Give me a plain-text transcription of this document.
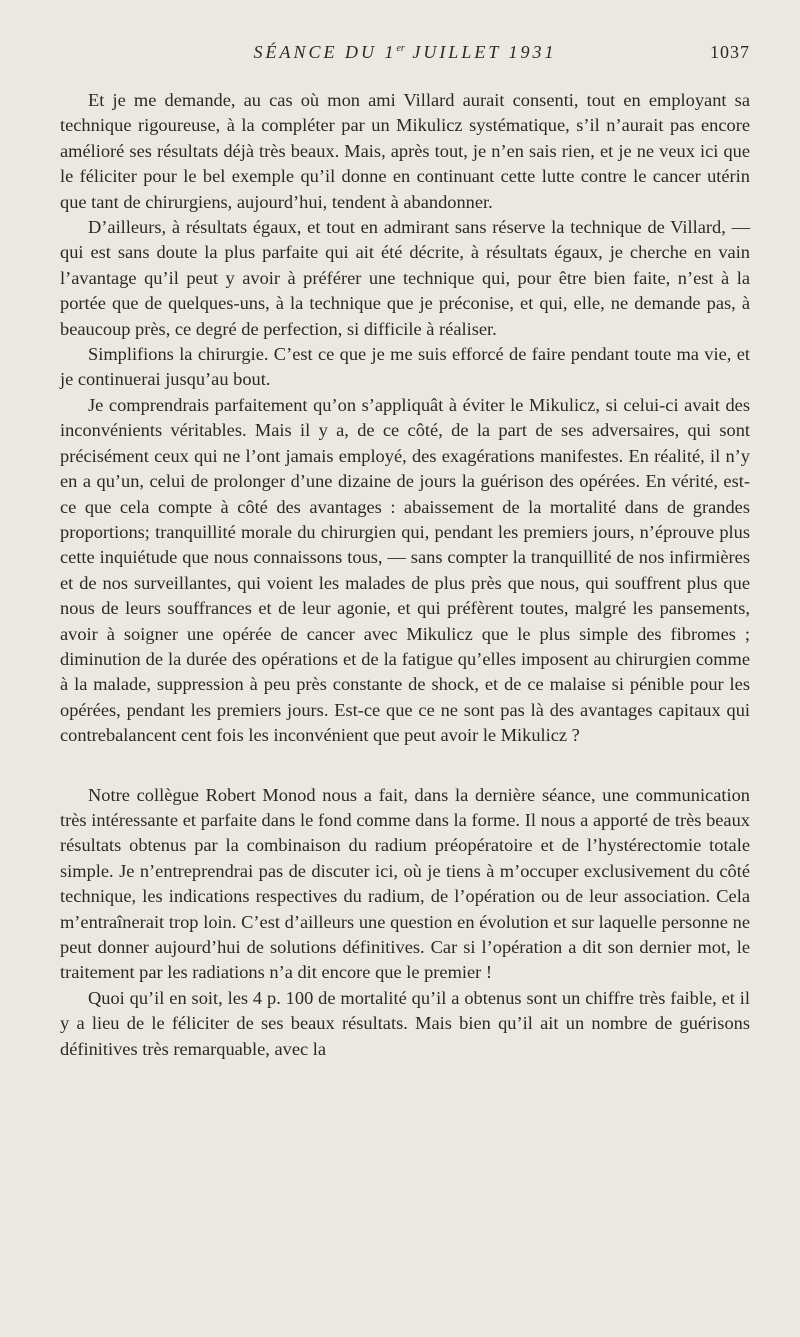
SÉANCE DU 1er JUILLET 1931	1037

Et je me demande, au cas où mon ami Villard aurait consenti, tout en employant sa technique rigoureuse, à la compléter par un Mikulicz systématique, s’il n’aurait pas encore amélioré ses résultats déjà très beaux. Mais, après tout, je n’en sais rien, et je ne veux ici que le féliciter pour le bel exemple qu’il donne en continuant cette lutte contre le cancer utérin que tant de chirurgiens, aujourd’hui, tendent à abandonner.

D’ailleurs, à résultats égaux, et tout en admirant sans réserve la technique de Villard, — qui est sans doute la plus parfaite qui ait été décrite, à résultats égaux, je cherche en vain l’avantage qu’il peut y avoir à préférer une technique qui, pour être bien faite, n’est à la portée que de quelques-uns, à la technique que je préconise, et qui, elle, ne demande pas, à beaucoup près, ce degré de perfection, si difficile à réaliser.

Simplifions la chirurgie. C’est ce que je me suis efforcé de faire pendant toute ma vie, et je continuerai jusqu’au bout.

Je comprendrais parfaitement qu’on s’appliquât à éviter le Mikulicz, si celui-ci avait des inconvénients véritables. Mais il y a, de ce côté, de la part de ses adversaires, qui sont précisément ceux qui ne l’ont jamais employé, des exagérations manifestes. En réalité, il n’y en a qu’un, celui de prolonger d’une dizaine de jours la guérison des opérées. En vérité, est-ce que cela compte à côté des avantages : abaissement de la mortalité dans de grandes proportions; tranquillité morale du chirurgien qui, pendant les premiers jours, n’éprouve plus cette inquiétude que nous connaissons tous, — sans compter la tranquillité de nos infirmières et de nos surveillantes, qui voient les malades de plus près que nous, qui souffrent plus que nous de leurs souffrances et de leur agonie, et qui préfèrent toutes, malgré les pansements, avoir à soigner une opérée de cancer avec Mikulicz que le plus simple des fibromes ; diminution de la durée des opérations et de la fatigue qu’elles imposent au chirurgien comme à la malade, suppression à peu près constante de shock, et de ce malaise si pénible pour les opérées, pendant les premiers jours. Est-ce que ce ne sont pas là des avantages capitaux qui contrebalancent cent fois les inconvénient que peut avoir le Mikulicz ?

Notre collègue Robert Monod nous a fait, dans la dernière séance, une communication très intéressante et parfaite dans le fond comme dans la forme. Il nous a apporté de très beaux résultats obtenus par la combinaison du radium préopératoire et de l’hystérectomie totale simple. Je n’entreprendrai pas de discuter ici, où je tiens à m’occuper exclusivement du côté technique, les indications respectives du radium, de l’opération ou de leur association. Cela m’entraînerait trop loin. C’est d’ailleurs une question en évolution et sur laquelle personne ne peut donner aujourd’hui de solutions définitives. Car si l’opération a dit son dernier mot, le traitement par les radiations n’a dit encore que le premier !

Quoi qu’il en soit, les 4 p. 100 de mortalité qu’il a obtenus sont un chiffre très faible, et il y a lieu de le féliciter de ses beaux résultats. Mais bien qu’il ait un nombre de guérisons définitives très remarquable, avec la
